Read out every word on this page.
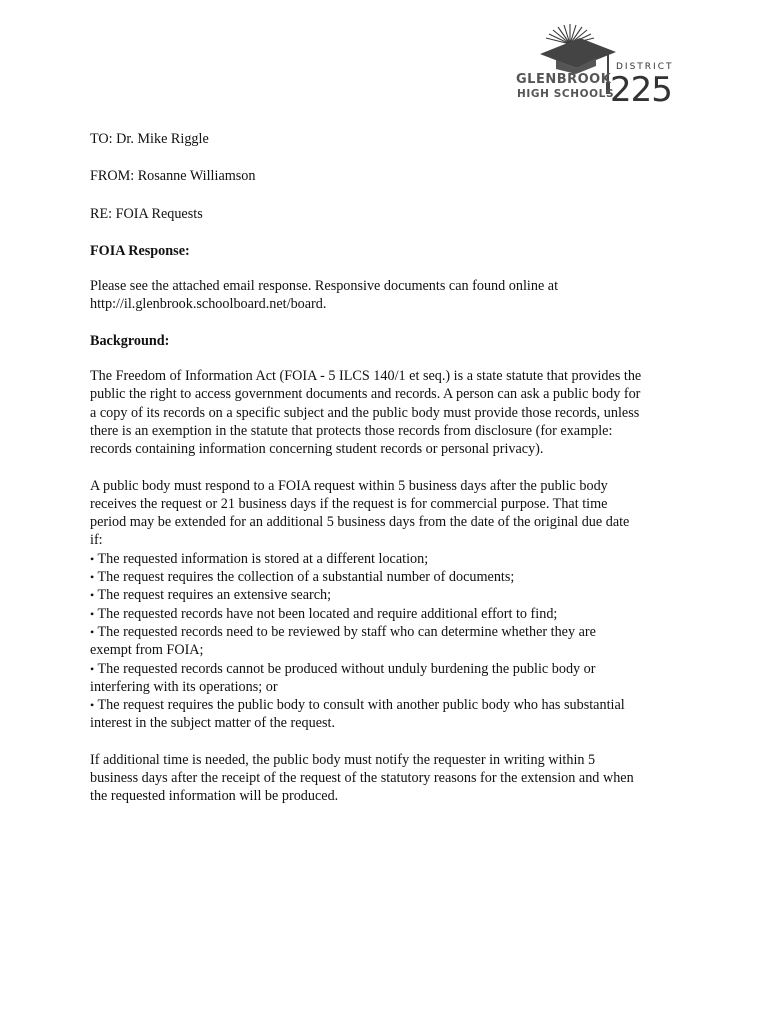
GLENBROOK
HIGH SCHOOLS
DISTRICT
225

TO: Dr. Mike Riggle

FROM: Rosanne Williamson

RE: FOIA Requests

FOIA Response:

Please see the attached email response. Responsive documents can found online at

http://il.glenbrook.schoolboard.net/board.

Background:

The Freedom of Information Act (FOIA - 5 ILCS 140/1 et seq.) is a state statute that provides the

public the right to access government documents and records. A person can ask a public body for

a copy of its records on a specific subject and the public body must provide those records, unless

there is an exemption in the statute that protects those records from disclosure (for example:

records containing information concerning student records or personal privacy).

A public body must respond to a FOIA request within 5 business days after the public body

receives the request or 21 business days if the request is for commercial purpose. That time

period may be extended for an additional 5 business days from the date of the original due date

if:

• The requested information is stored at a different location;
• The request requires the collection of a substantial number of documents;
• The request requires an extensive search;
• The requested records have not been located and require additional effort to find;
• The requested records need to be reviewed by staff who can determine whether they are
exempt from FOIA;
• The requested records cannot be produced without unduly burdening the public body or
interfering with its operations; or
• The request requires the public body to consult with another public body who has substantial
interest in the subject matter of the request.

If additional time is needed, the public body must notify the requester in writing within 5

business days after the receipt of the request of the statutory reasons for the extension and when

the requested information will be produced.
